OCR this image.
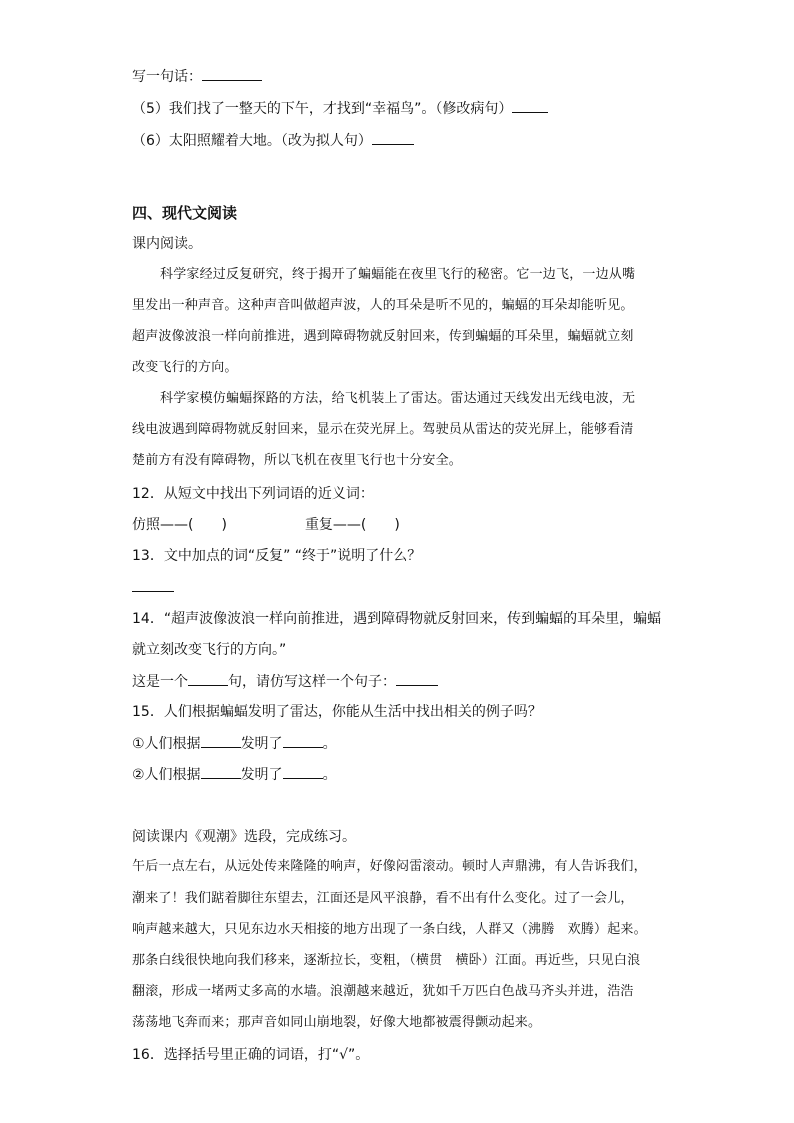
写一句话：
（5）我们找了一整天的下午，才找到“幸福鸟”。（修改病句）
（6）太阳照耀着大地。（改为拟人句）
四、现代文阅读
课内阅读。
科学家经过反复研究，终于揭开了蝙蝠能在夜里飞行的秘密。它一边飞，一边从嘴
里发出一种声音。这种声音叫做超声波，人的耳朵是听不见的，蝙蝠的耳朵却能听见。
超声波像波浪一样向前推进，遇到障碍物就反射回来，传到蝙蝠的耳朵里，蝙蝠就立刻
改变飞行的方向。
科学家模仿蝙蝠探路的方法，给飞机装上了雷达。雷达通过天线发出无线电波，无
线电波遇到障碍物就反射回来，显示在荧光屏上。驾驶员从雷达的荧光屏上，能够看清
楚前方有没有障碍物，所以飞机在夜里飞行也十分安全。
12．从短文中找出下列词语的近义词：
仿照——(　　)	重复——(　　)
13．文中加点的词“反复” “终于”说明了什么？
14．“超声波像波浪一样向前推进，遇到障碍物就反射回来，传到蝙蝠的耳朵里，蝙蝠
就立刻改变飞行的方向。”
这是一个	句，请仿写这样一个句子：
15．人们根据蝙蝠发明了雷达，你能从生活中找出相关的例子吗？
①人们根据	发明了	。
②人们根据	发明了	。
阅读课内《观潮》选段，完成练习。
午后一点左右，从远处传来隆隆的响声，好像闷雷滚动。顿时人声鼎沸，有人告诉我们，
潮来了！我们踮着脚往东望去，江面还是风平浪静，看不出有什么变化。过了一会儿，
响声越来越大，只见东边水天相接的地方出现了一条白线，人群又（沸腾　欢腾）起来。
那条白线很快地向我们移来，逐渐拉长，变粗，（横贯　横卧）江面。再近些，只见白浪
翻滚，形成一堵两丈多高的水墙。浪潮越来越近，犹如千万匹白色战马齐头并进，浩浩
荡荡地飞奔而来；那声音如同山崩地裂，好像大地都被震得颤动起来。
16．选择括号里正确的词语，打“√”。
